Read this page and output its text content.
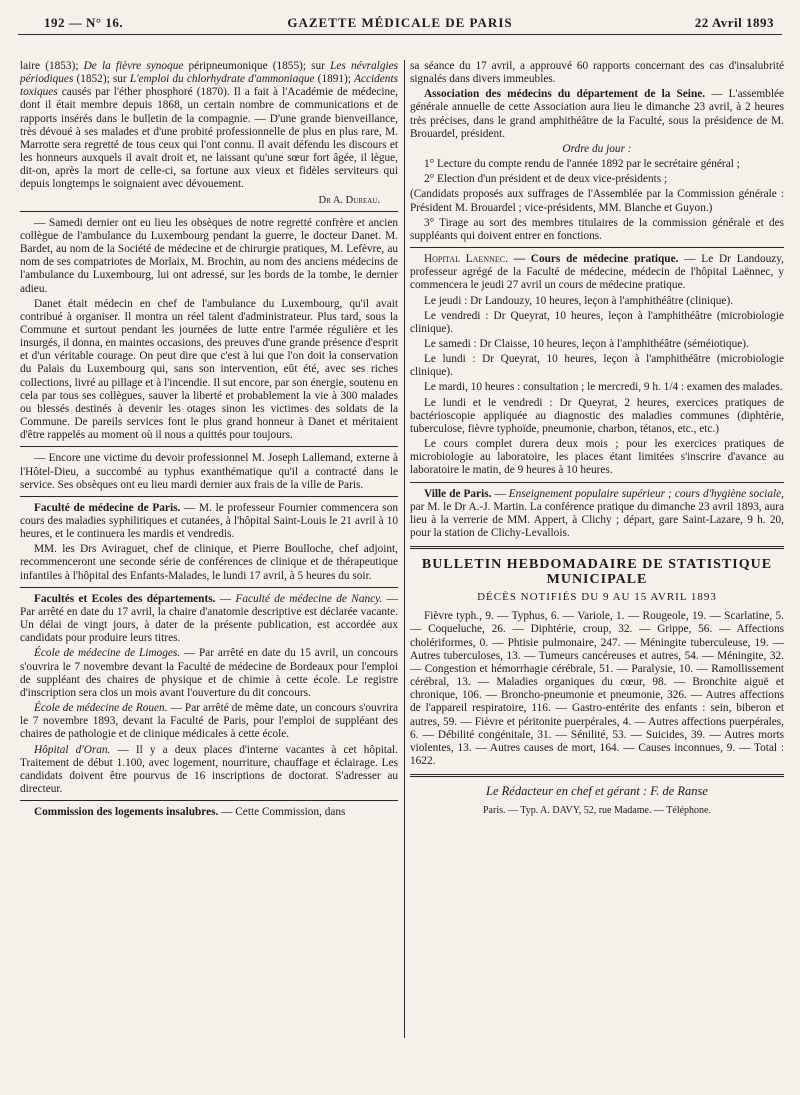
192 — N° 16.	GAZETTE MÉDICALE DE PARIS	22 Avril 1893

laire (1853); De la fièvre synoque péripneumonique (1855); sur Les névralgies périodiques (1852); sur L'emploi du chlorhydrate d'ammoniaque (1891); Accidents toxiques causés par l'éther phosphoré (1870). Il a fait à l'Académie de médecine, dont il était membre depuis 1868, un certain nombre de communications et de rapports insérés dans le bulletin de la compagnie. — D'une grande bienveillance, très dévoué à ses malades et d'une probité professionnelle de plus en plus rare, M. Marrotte sera regretté de tous ceux qui l'ont connu. Il avait défendu les discours et les honneurs auxquels il avait droit et, ne laissant qu'une sœur fort âgée, il lègue, dit-on, après la mort de celle-ci, sa fortune aux vieux et fidèles serviteurs qui depuis longtemps le soignaient avec dévouement.

Dr A. Dureau.

— Samedi dernier ont eu lieu les obsèques de notre regretté confrère et ancien collègue de l'ambulance du Luxembourg pendant la guerre, le docteur Danet. M. Bardet, au nom de la Société de médecine et de chirurgie pratiques, M. Lefèvre, au nom de ses compatriotes de Morlaix, M. Brochin, au nom des anciens médecins de l'ambulance du Luxembourg, lui ont adressé, sur les bords de la tombe, le dernier adieu.

Danet était médecin en chef de l'ambulance du Luxembourg, qu'il avait contribué à organiser. Il montra un réel talent d'administrateur. Plus tard, sous la Commune et surtout pendant les journées de lutte entre l'armée régulière et les insurgés, il donna, en maintes occasions, des preuves d'une grande présence d'esprit et d'un véritable courage. On peut dire que c'est à lui que l'on doit la conservation du Palais du Luxembourg qui, sans son intervention, eût été, avec ses riches collections, livré au pillage et à l'incendie. Il sut encore, par son énergie, soutenu en cela par tous ses collègues, sauver la liberté et probablement la vie à 300 malades ou blessés destinés à devenir les otages sinon les victimes des soldats de la Commune. De pareils services font le plus grand honneur à Danet et méritaient d'être rappelés au moment où il nous a quittés pour toujours.

— Encore une victime du devoir professionnel M. Joseph Lallemand, externe à l'Hôtel-Dieu, a succombé au typhus exanthématique qu'il a contracté dans le service. Ses obsèques ont eu lieu mardi dernier aux frais de la ville de Paris.

Faculté de médecine de Paris. — M. le professeur Fournier commencera son cours des maladies syphilitiques et cutanées, à l'hôpital Saint-Louis le 21 avril à 10 heures, et le continuera les mardis et vendredis.

MM. les Drs Aviraguet, chef de clinique, et Pierre Boulloche, chef adjoint, recommenceront une seconde série de conférences de clinique et de thérapeutique infantiles à l'hôpital des Enfants-Malades, le lundi 17 avril, à 5 heures du soir.

Facultés et Ecoles des départements. — Faculté de médecine de Nancy. — Par arrêté en date du 17 avril, la chaire d'anatomie descriptive est déclarée vacante. Un délai de vingt jours, à dater de la présente publication, est accordée aux candidats pour produire leurs titres.

École de médecine de Limoges. — Par arrêté en date du 15 avril, un concours s'ouvrira le 7 novembre devant la Faculté de médecine de Bordeaux pour l'emploi de suppléant des chaires de physique et de chimie à cette école. Le registre d'inscription sera clos un mois avant l'ouverture du dit concours.

École de médecine de Rouen. — Par arrêté de même date, un concours s'ouvrira le 7 novembre 1893, devant la Faculté de Paris, pour l'emploi de suppléant des chaires de pathologie et de clinique médicales à cette école.

Hôpital d'Oran. — Il y a deux places d'interne vacantes à cet hôpital. Traitement de début 1.100, avec logement, nourriture, chauffage et éclairage. Les candidats doivent être pourvus de 16 inscriptions de doctorat. S'adresser au directeur.

Commission des logements insalubres. — Cette Commission, dans

sa séance du 17 avril, a approuvé 60 rapports concernant des cas d'insalubrité signalés dans divers immeubles.

Association des médecins du département de la Seine. — L'assemblée générale annuelle de cette Association aura lieu le dimanche 23 avril, à 2 heures très précises, dans le grand amphithéâtre de la Faculté, sous la présidence de M. Brouardel, président.

Ordre du jour :

1° Lecture du compte rendu de l'année 1892 par le secrétaire général ;

2° Election d'un président et de deux vice-présidents ;

(Candidats proposés aux suffrages de l'Assemblée par la Commission générale : Président M. Brouardel ; vice-présidents, MM. Blanche et Guyon.)

3° Tirage au sort des membres titulaires de la commission générale et des suppléants qui doivent entrer en fonctions.

Hopital Laennec. — Cours de médecine pratique. — Le Dr Landouzy, professeur agrégé de la Faculté de médecine, médecin de l'hôpital Laënnec, y commencera le jeudi 27 avril un cours de médecine pratique.

Le jeudi : Dr Landouzy, 10 heures, leçon à l'amphithéâtre (clinique).

Le vendredi : Dr Queyrat, 10 heures, leçon à l'amphithéâtre (microbiologie clinique).

Le samedi : Dr Claisse, 10 heures, leçon à l'amphithéâtre (séméiotique).

Le lundi : Dr Queyrat, 10 heures, leçon à l'amphithéâtre (microbiologie clinique).

Le mardi, 10 heures : consultation ; le mercredi, 9 h. 1/4 : examen des malades.

Le lundi et le vendredi : Dr Queyrat, 2 heures, exercices pratiques de bactérioscopie appliquée au diagnostic des maladies communes (diphtérie, tuberculose, fièvre typhoïde, pneumonie, charbon, tétanos, etc., etc.)

Le cours complet durera deux mois ; pour les exercices pratiques de microbiologie au laboratoire, les places étant limitées s'inscrire d'avance au laboratoire le matin, de 9 heures à 10 heures.

Ville de Paris. — Enseignement populaire supérieur ; cours d'hygiène sociale, par M. le Dr A.-J. Martin. La conférence pratique du dimanche 23 avril 1893, aura lieu à la verrerie de MM. Appert, à Clichy ; départ, gare Saint-Lazare, 9 h. 20, pour la station de Clichy-Levallois.

BULLETIN HEBDOMADAIRE DE STATISTIQUE MUNICIPALE
DÉCÈS NOTIFIÉS DU 9 AU 15 AVRIL 1893

Fièvre typh., 9. — Typhus, 6. — Variole, 1. — Rougeole, 19. — Scarlatine, 5. — Coqueluche, 26. — Diphtérie, croup, 32. — Grippe, 56. — Affections cholériformes, 0. — Phtisie pulmonaire, 247. — Méningite tuberculeuse, 19. — Autres tuberculoses, 13. — Tumeurs cancéreuses et autres, 54. — Méningite, 32. — Congestion et hémorrhagie cérébrale, 51. — Paralysie, 10. — Ramollissement cérébral, 13. — Maladies organiques du cœur, 98. — Bronchite aiguë et chronique, 106. — Broncho-pneumonie et pneumonie, 326. — Autres affections de l'appareil respiratoire, 116. — Gastro-entérite des enfants : sein, biberon et autres, 59. — Fièvre et péritonite puerpérales, 4. — Autres affections puerpérales, 6. — Débilité congénitale, 31. — Sénilité, 53. — Suicides, 39. — Autres morts violentes, 13. — Autres causes de mort, 164. — Causes inconnues, 9. — Total : 1622.

Le Rédacteur en chef et gérant : F. de Ranse
Paris. — Typ. A. DAVY, 52, rue Madame. — Téléphone.
